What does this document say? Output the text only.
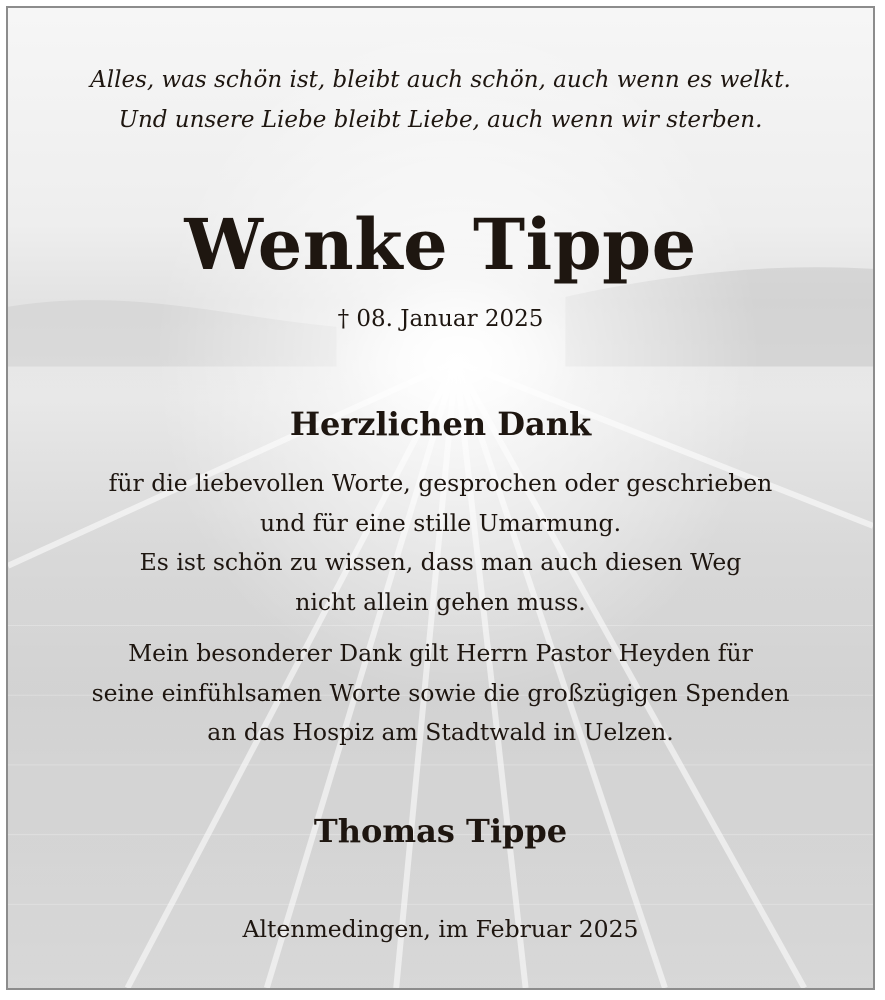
Alles, was schön ist, bleibt auch schön, auch wenn es welkt.
Und unsere Liebe bleibt Liebe, auch wenn wir sterben.
Wenke Tippe
† 08. Januar 2025
Herzlichen Dank
für die liebevollen Worte, gesprochen oder geschrieben
und für eine stille Umarmung.
Es ist schön zu wissen, dass man auch diesen Weg
nicht allein gehen muss.
Mein besonderer Dank gilt Herrn Pastor Heyden für
seine einfühlsamen Worte sowie die großzügigen Spenden
an das Hospiz am Stadtwald in Uelzen.
Thomas Tippe
Altenmedingen, im Februar 2025
